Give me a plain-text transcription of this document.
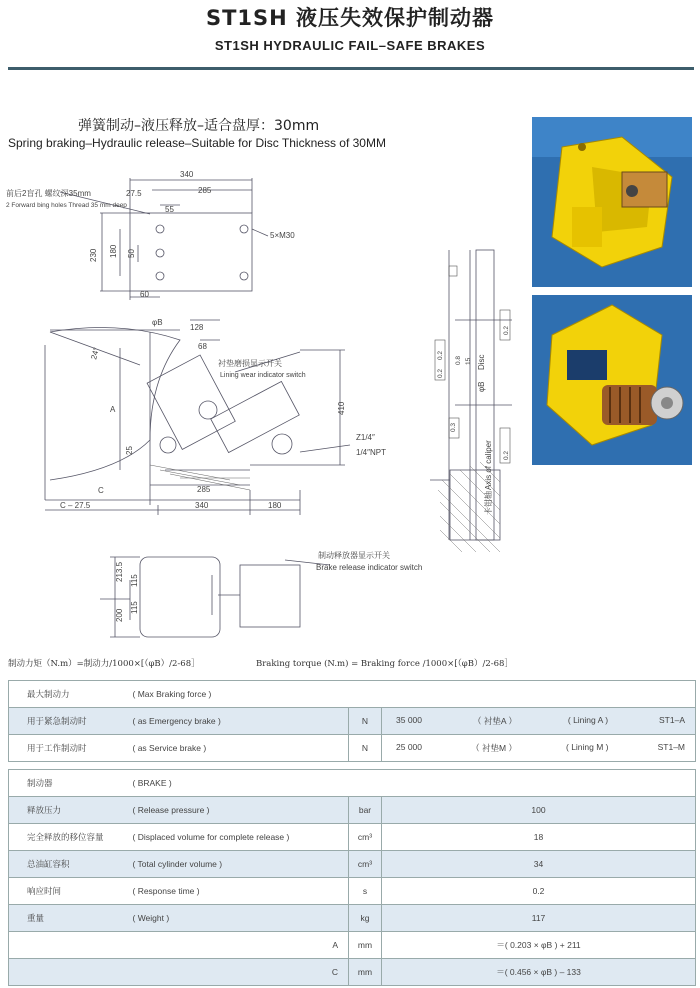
ST1SH 液压失效保护制动器
ST1SH HYDRAULIC FAIL–SAFE BRAKES
弹簧制动–液压释放–适合盘厚：30mm
Spring braking–Hydraulic release–Suitable for Disc Thickness of 30MM
前后2盲孔 螺纹深35mm
2 Forward bing holes Thread 35 mm deep
5×M30
340
285
27.5
55
230 180 50
60
φB
128
68
24°
衬垫磨损显示开关
Lining wear indicator switch
A	410
Z1/4″
1/4″NPT
25
C	285
C – 27.5	340	180
制动释放器显示开关
Brake release indicator switch
213.5 115
115
200
Disc
φB
卡钳轴
Axis of caliper
0.2
0.2
0.2
0.2
0.3
0.8 15
制动力矩（N.m）=制动力/1000×[（φB）/2-68］	Braking torque (N.m) = Braking force /1000×[（φB）/2-68］
最大制动力	( Max Braking force )		
用于紧急制动时	( as Emergency brake )	N	35 000 （ 衬垫A ） ( Lining A ) ST1–A

用于工作制动时	( as Service brake )	N	25 000 （ 衬垫M ） ( Lining M ) ST1–M
制动器	( BRAKE )		
释放压力	( Release pressure )	bar	100
完全释放的移位容量	( Displaced volume for complete release )	cm³	18
总油缸容积	( Total cylinder volume )	cm³	34
响应时间	( Response time )	s	0.2
重量	( Weight )	kg	117
A		mm	＝( 0.203 × φB ) + 211
C		mm	＝( 0.456 × φB ) – 133
